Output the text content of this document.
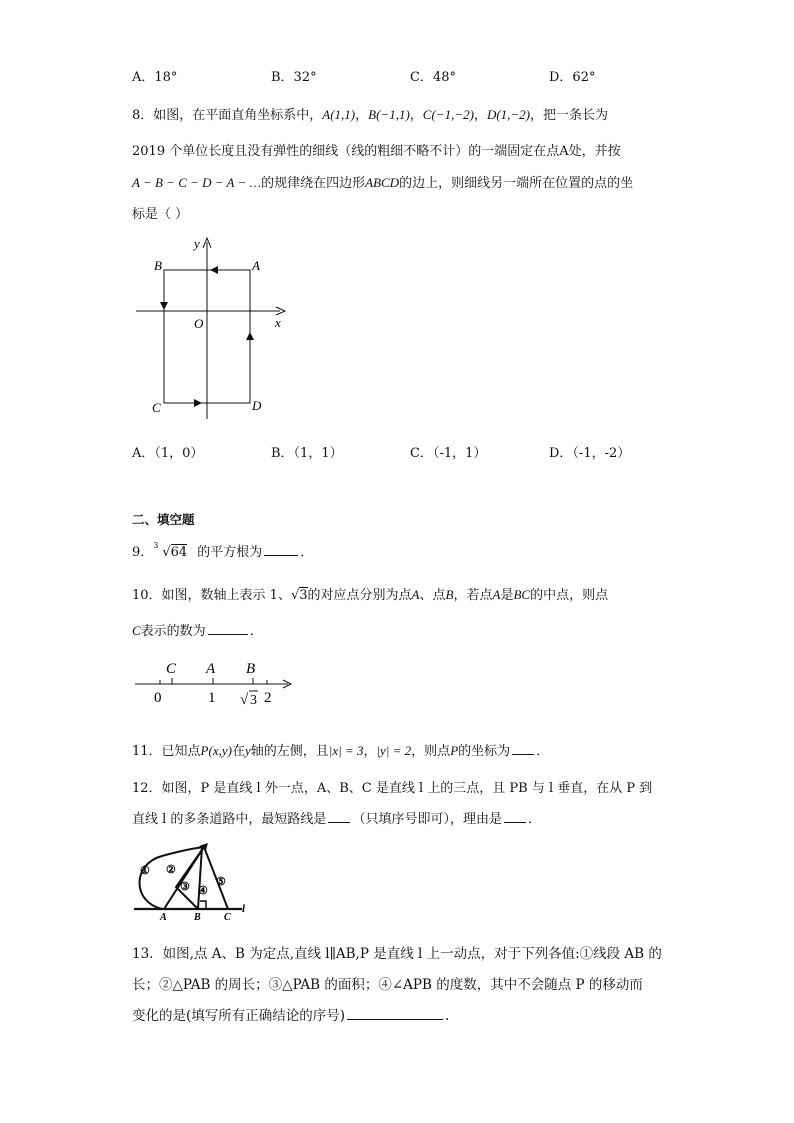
A．18°	B．32°	C．48°	D．62°
8．如图，在平面直角坐标系中，A(1,1)，B(−1,1)，C(−1,−2)，D(1,−2)，把一条长为
2019 个单位长度且没有弹性的细线（线的粗细不略不计）的一端固定在点A处，并按
A − B − C − D − A − …的规律绕在四边形ABCD的边上，则细线另一端所在位置的点的坐
标是（ ）
y
x
O
A
B
C	D
A．（1，0）	B．（1，1）	C．（-1，1）	D．（-1，-2）
二、填空题
9． 3 √64 的平方根为	．
10．如图，数轴上表示 1、√3的对应点分别为点A、点B，若点A是BC的中点，则点
C表示的数为	．
C A B
0	1 √ 3 2
11．已知点P(x,y)在y轴的左侧，且|x| = 3，|y| = 2，则点P的坐标为 ．
12．如图，P 是直线 l 外一点，A、B、C 是直线 l 上的三点，且 PB 与 l 垂直，在从 P 到
直线 l 的多条道路中，最短路线是 （只填序号即可），理由是 ．
① ②
③ ④
⑤
A	B C
l
13．如图,点 A、B 为定点,直线 l∥AB,P 是直线 l 上一动点，对于下列各值:①线段 AB 的
长；②△PAB 的周长；③△PAB 的面积；④∠APB 的度数，其中不会随点 P 的移动而
变化的是(填写所有正确结论的序号)	.
